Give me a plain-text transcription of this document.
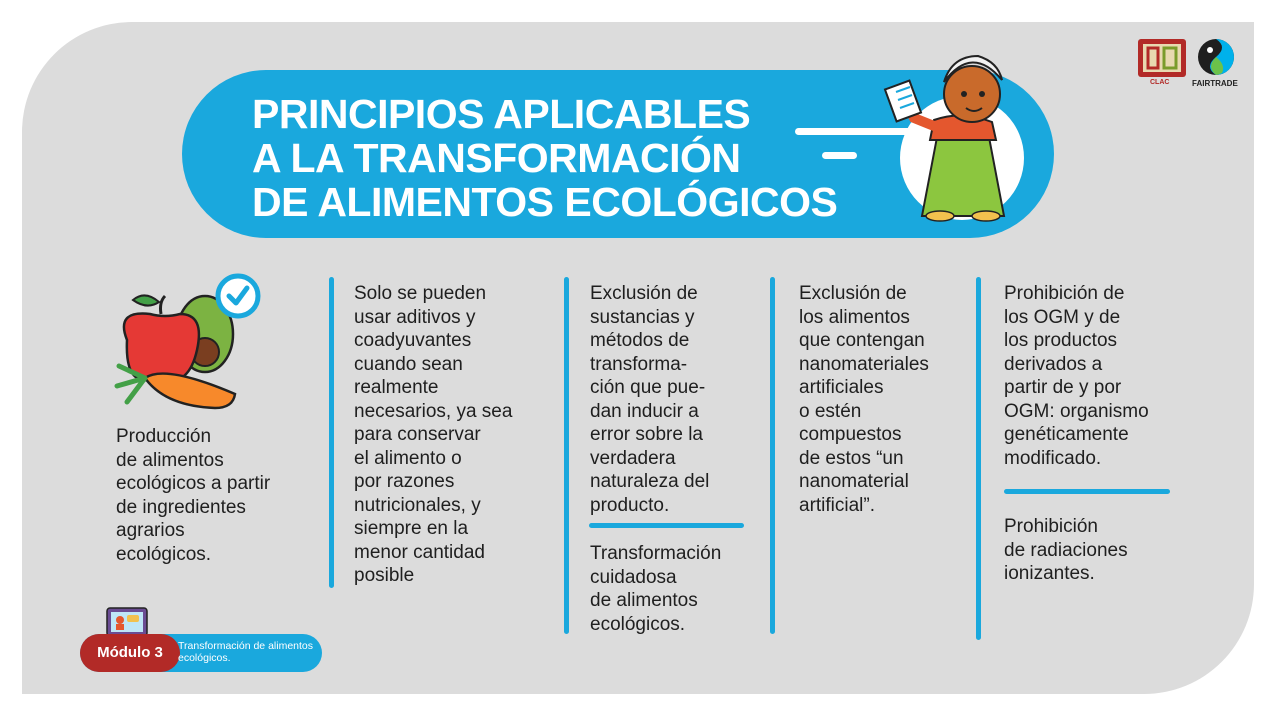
PRINCIPIOS APLICABLES
A LA TRANSFORMACIÓN
DE ALIMENTOS ECOLÓGICOS
CLAC	FAIRTRADE

Producción
de alimentos
ecológicos a partir
de ingredientes
agrarios
ecológicos.

Solo se pueden
usar aditivos y
coadyuvantes
cuando sean
realmente
necesarios, ya sea
para conservar
el alimento o
por razones
nutricionales, y
siempre en la
menor cantidad
posible

Exclusión de
sustancias y
métodos de
transforma-
ción que pue-
dan inducir a
error sobre la
verdadera
naturaleza del
producto.

Transformación
cuidadosa
de alimentos
ecológicos.

Exclusión de
los alimentos
que contengan
nanomateriales
artificiales
o estén
compuestos
de estos “un
nanomaterial
artificial”.

Prohibición de
los OGM y de
los productos
derivados a
partir de y por
OGM: organismo
genéticamente
modificado.

Prohibición
de radiaciones
ionizantes.

Módulo 3	Transformación de alimentos ecológicos.
